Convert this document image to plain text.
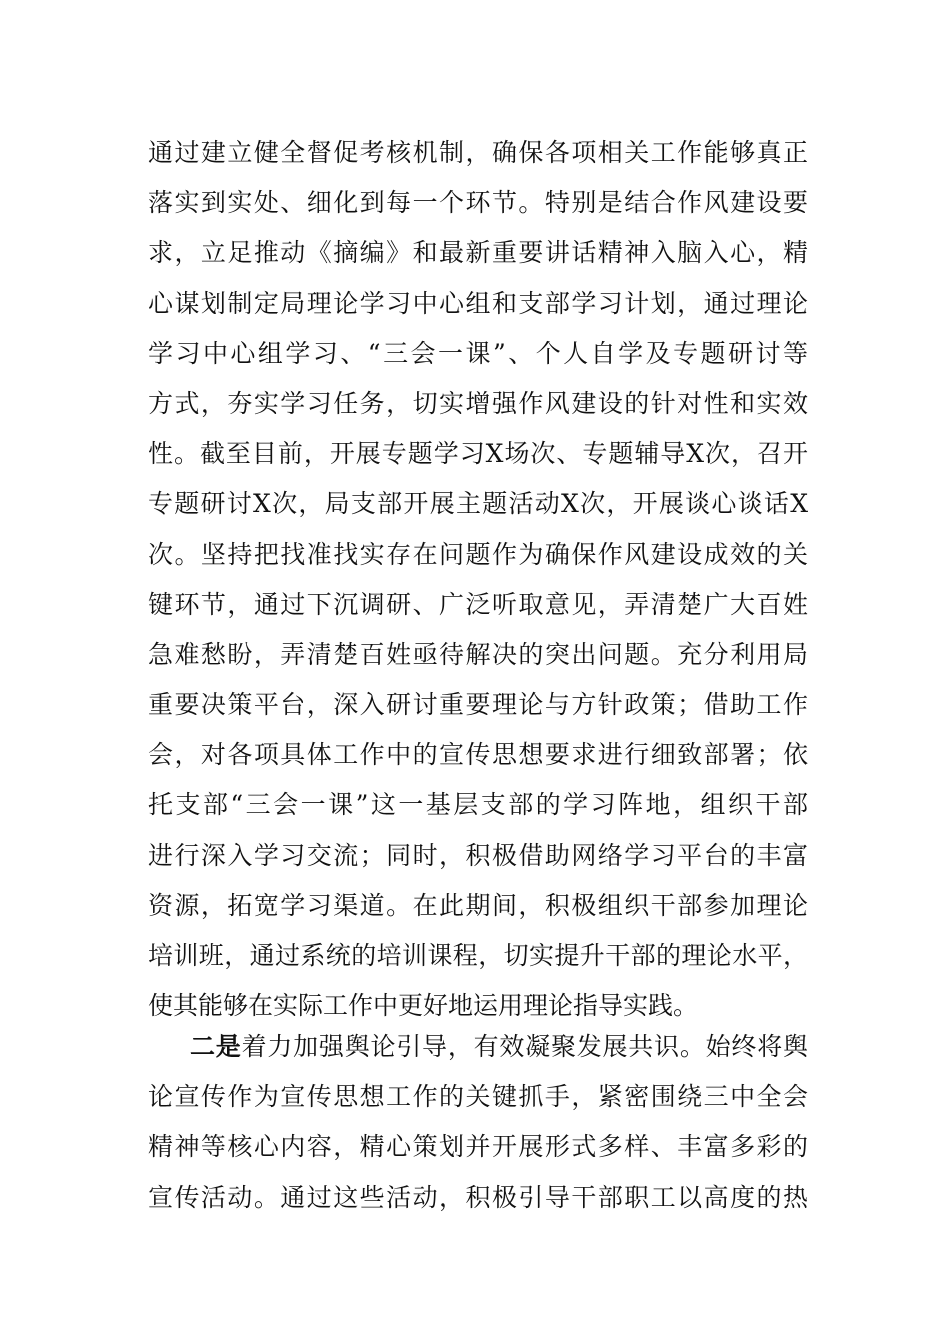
通过建立健全督促考核机制，确保各项相关工作能够真正
落实到实处、细化到每一个环节。特别是结合作风建设要
求，立足推动《摘编》和最新重要讲话精神入脑入心，精
心谋划制定局理论学习中心组和支部学习计划，通过理论
学习中心组学习、“三会一课”、个人自学及专题研讨等
方式，夯实学习任务，切实增强作风建设的针对性和实效
性。截至目前，开展专题学习X场次、专题辅导X次，召开
专题研讨X次，局支部开展主题活动X次，开展谈心谈话X
次。坚持把找准找实存在问题作为确保作风建设成效的关
键环节，通过下沉调研、广泛听取意见，弄清楚广大百姓
急难愁盼，弄清楚百姓亟待解决的突出问题。充分利用局
重要决策平台，深入研讨重要理论与方针政策；借助工作
会，对各项具体工作中的宣传思想要求进行细致部署；依
托支部“三会一课”这一基层支部的学习阵地，组织干部
进行深入学习交流；同时，积极借助网络学习平台的丰富
资源，拓宽学习渠道。在此期间，积极组织干部参加理论
培训班，通过系统的培训课程，切实提升干部的理论水平，
使其能够在实际工作中更好地运用理论指导实践。
二是着力加强舆论引导，有效凝聚发展共识。始终将舆
论宣传作为宣传思想工作的关键抓手，紧密围绕三中全会
精神等核心内容，精心策划并开展形式多样、丰富多彩的
宣传活动。通过这些活动，积极引导干部职工以高度的热
